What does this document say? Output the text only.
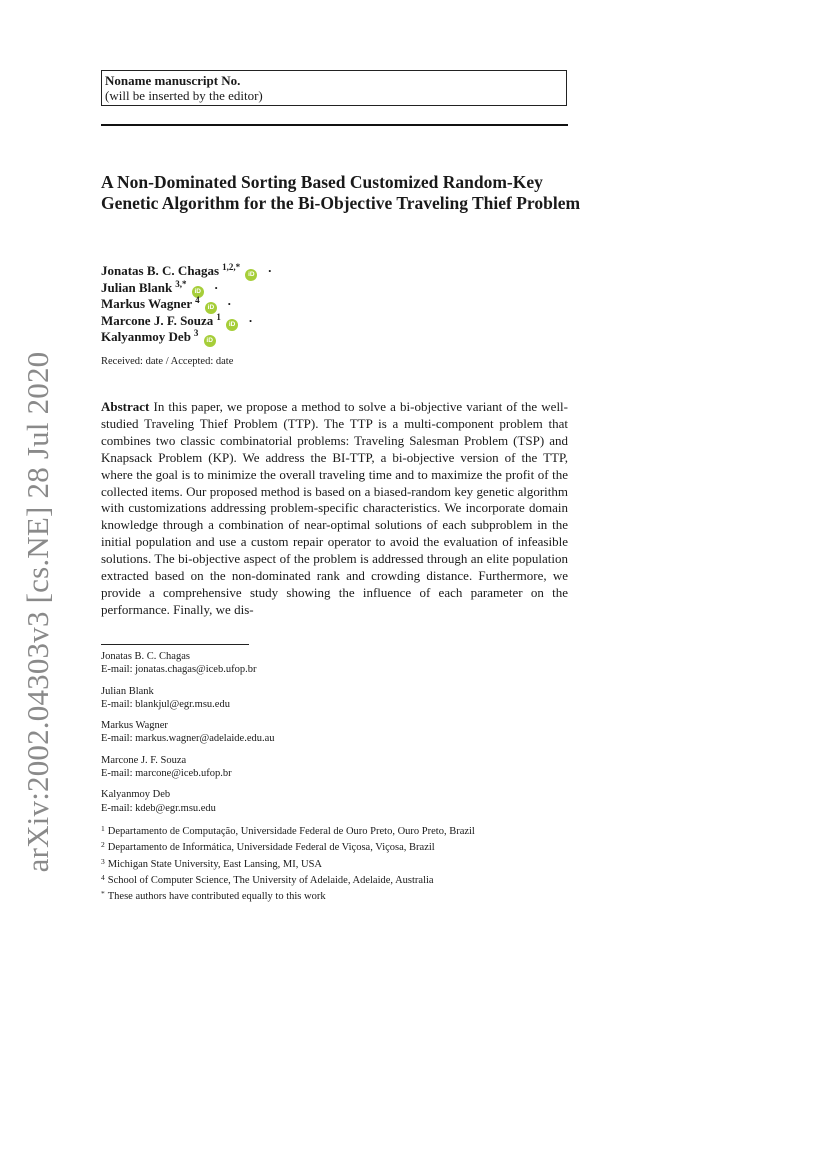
arXiv:2002.04303v3 [cs.NE] 28 Jul 2020
Noname manuscript No.
(will be inserted by the editor)
A Non-Dominated Sorting Based Customized Random-Key Genetic Algorithm for the Bi-Objective Traveling Thief Problem
Jonatas B. C. Chagas $^{1,2,*}$ iD ·
Julian Blank $^{3,*}$ iD ·
Markus Wagner $^4$ iD ·
Marcone J. F. Souza $^1$ iD ·
Kalyanmoy Deb $^3$ iD
Received: date / Accepted: date
Abstract In this paper, we propose a method to solve a bi-objective variant of the well-studied Traveling Thief Problem (TTP). The TTP is a multi-component problem that combines two classic combinatorial problems: Traveling Salesman Problem (TSP) and Knapsack Problem (KP). We address the BI-TTP, a bi-objective version of the TTP, where the goal is to minimize the overall traveling time and to maximize the profit of the collected items. Our proposed method is based on a biased-random key genetic algorithm with customizations addressing problem-specific characteristics. We incorporate domain knowledge through a combination of near-optimal solutions of each subproblem in the initial population and use a custom repair operator to avoid the evaluation of infeasible solutions. The bi-objective aspect of the problem is addressed through an elite population extracted based on the non-dominated rank and crowding distance. Furthermore, we provide a comprehensive study showing the influence of each parameter on the performance. Finally, we dis-
Jonatas B. C. Chagas
E-mail: jonatas.chagas@iceb.ufop.br
Julian Blank
E-mail: blankjul@egr.msu.edu
Markus Wagner
E-mail: markus.wagner@adelaide.edu.au
Marcone J. F. Souza
E-mail: marcone@iceb.ufop.br
Kalyanmoy Deb
E-mail: kdeb@egr.msu.edu
$^1$ Departamento de Computação, Universidade Federal de Ouro Preto, Ouro Preto, Brazil
$^2$ Departamento de Informática, Universidade Federal de Viçosa, Viçosa, Brazil
$^3$ Michigan State University, East Lansing, MI, USA
$^4$ School of Computer Science, The University of Adelaide, Adelaide, Australia
* These authors have contributed equally to this work
